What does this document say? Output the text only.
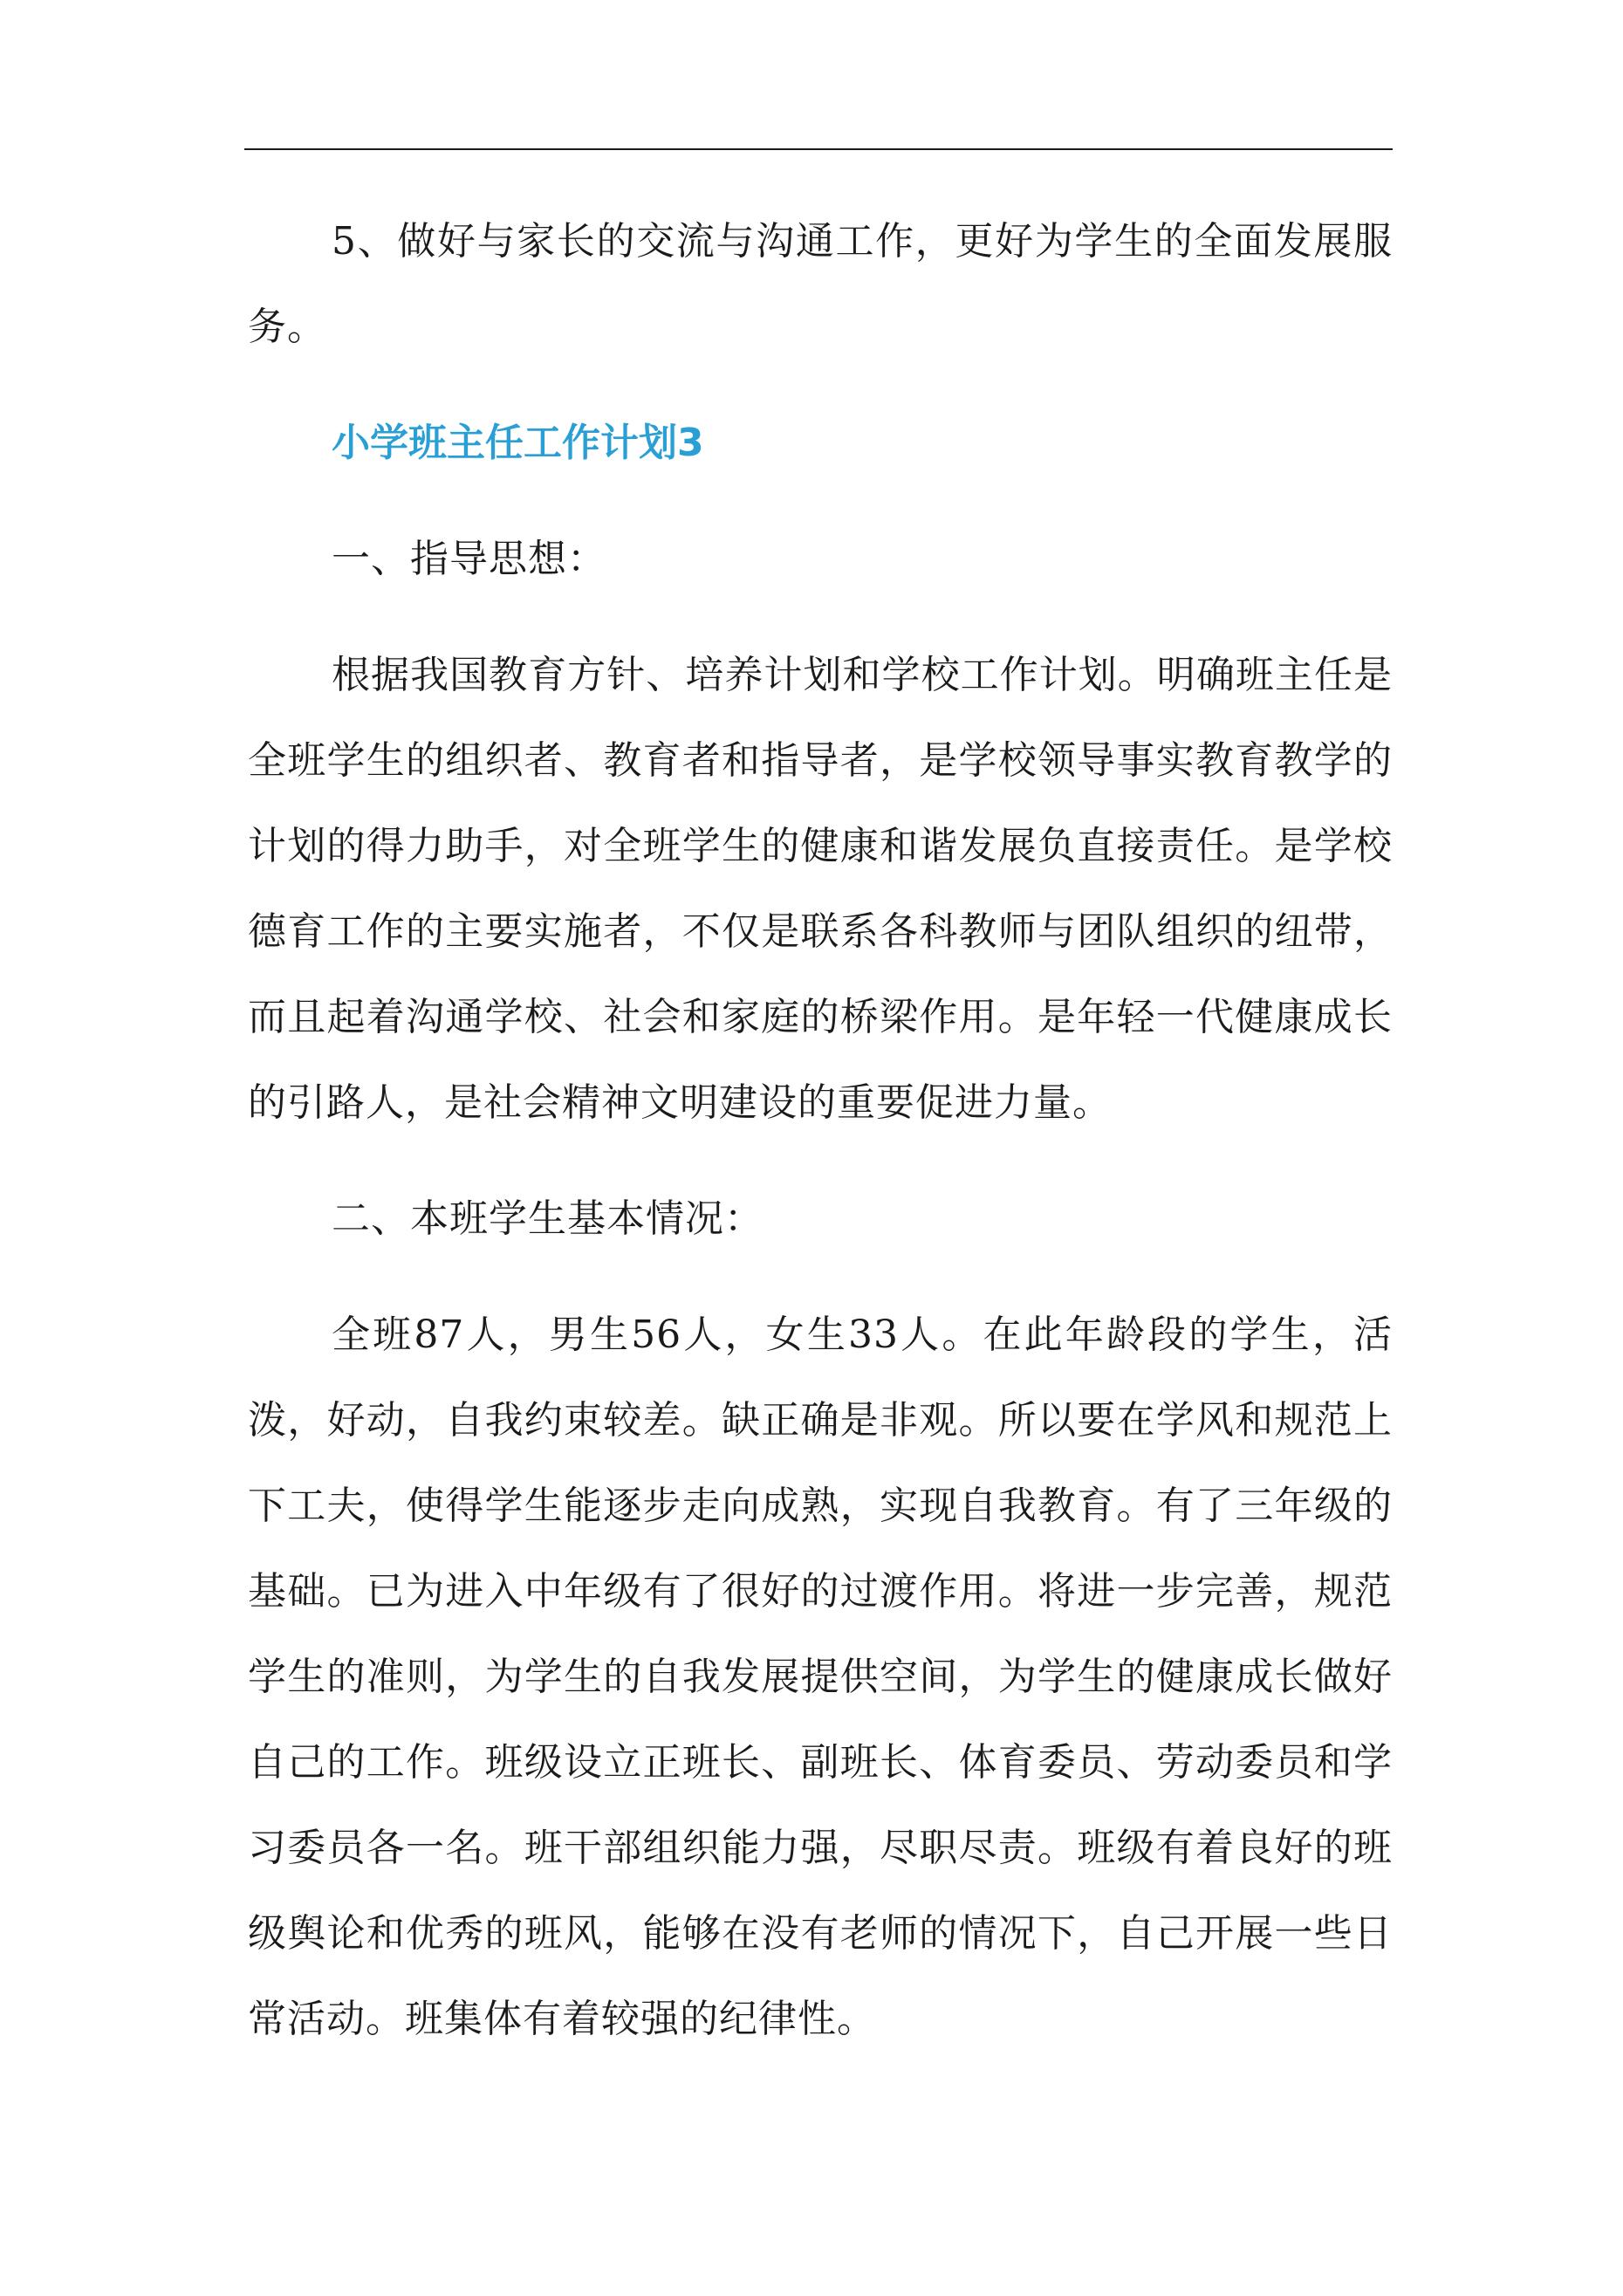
5、做好与家长的交流与沟通工作，更好为学生的全面发展服务。

小学班主任工作计划3

一、指导思想：

根据我国教育方针、培养计划和学校工作计划。明确班主任是全班学生的组织者、教育者和指导者，是学校领导事实教育教学的计划的得力助手，对全班学生的健康和谐发展负直接责任。是学校德育工作的主要实施者，不仅是联系各科教师与团队组织的纽带，而且起着沟通学校、社会和家庭的桥梁作用。是年轻一代健康成长的引路人，是社会精神文明建设的重要促进力量。

二、本班学生基本情况：

全班87人，男生56人，女生33人。在此年龄段的学生，活泼，好动，自我约束较差。缺正确是非观。所以要在学风和规范上下工夫，使得学生能逐步走向成熟，实现自我教育。有了三年级的基础。已为进入中年级有了很好的过渡作用。将进一步完善，规范学生的准则，为学生的自我发展提供空间，为学生的健康成长做好自己的工作。班级设立正班长、副班长、体育委员、劳动委员和学习委员各一名。班干部组织能力强，尽职尽责。班级有着良好的班级舆论和优秀的班风，能够在没有老师的情况下，自己开展一些日常活动。班集体有着较强的纪律性。
